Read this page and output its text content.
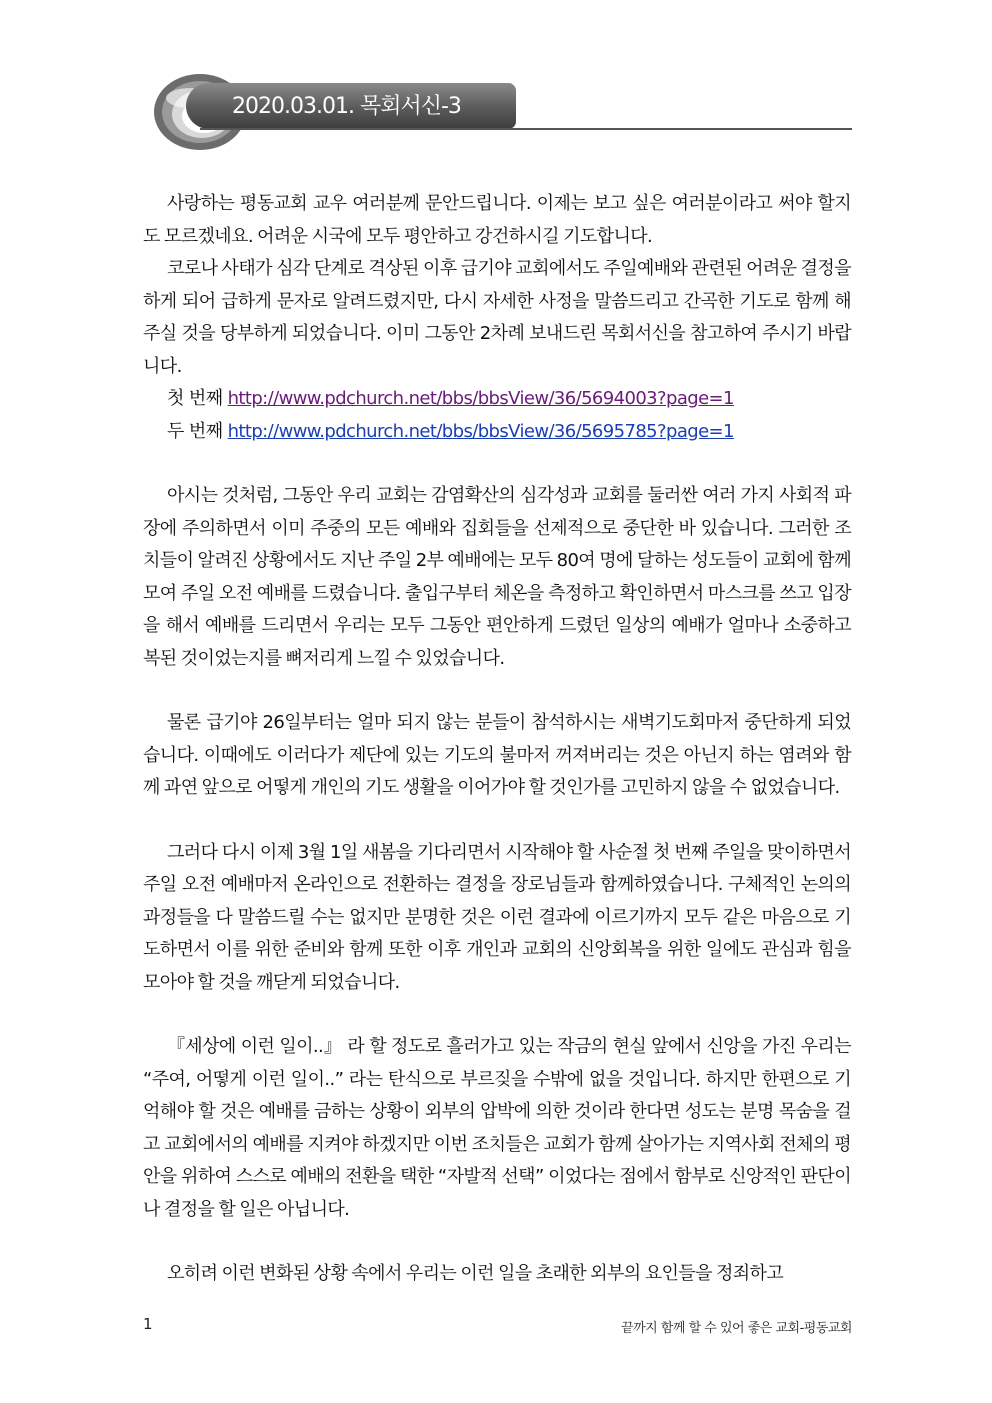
2020.03.01. 목회서신-3

사랑하는 평동교회 교우 여러분께 문안드립니다. 이제는 보고 싶은 여러분이라고 써야 할지도 모르겠네요. 어려운 시국에 모두 평안하고 강건하시길 기도합니다.

코로나 사태가 심각 단계로 격상된 이후 급기야 교회에서도 주일예배와 관련된 어려운 결정을 하게 되어 급하게 문자로 알려드렸지만, 다시 자세한 사정을 말씀드리고 간곡한 기도로 함께 해주실 것을 당부하게 되었습니다. 이미 그동안 2차례 보내드린 목회서신을 참고하여 주시기 바랍니다.

첫 번째 http://www.pdchurch.net/bbs/bbsView/36/5694003?page=1

두 번째 http://www.pdchurch.net/bbs/bbsView/36/5695785?page=1

아시는 것처럼, 그동안 우리 교회는 감염확산의 심각성과 교회를 둘러싼 여러 가지 사회적 파장에 주의하면서 이미 주중의 모든 예배와 집회들을 선제적으로 중단한 바 있습니다. 그러한 조치들이 알려진 상황에서도 지난 주일 2부 예배에는 모두 80여 명에 달하는 성도들이 교회에 함께 모여 주일 오전 예배를 드렸습니다. 출입구부터 체온을 측정하고 확인하면서 마스크를 쓰고 입장을 해서 예배를 드리면서 우리는 모두 그동안 편안하게 드렸던 일상의 예배가 얼마나 소중하고 복된 것이었는지를 뼈저리게 느낄 수 있었습니다.

물론 급기야 26일부터는 얼마 되지 않는 분들이 참석하시는 새벽기도회마저 중단하게 되었습니다. 이때에도 이러다가 제단에 있는 기도의 불마저 꺼져버리는 것은 아닌지 하는 염려와 함께 과연 앞으로 어떻게 개인의 기도 생활을 이어가야 할 것인가를 고민하지 않을 수 없었습니다.

그러다 다시 이제 3월 1일 새봄을 기다리면서 시작해야 할 사순절 첫 번째 주일을 맞이하면서 주일 오전 예배마저 온라인으로 전환하는 결정을 장로님들과 함께하였습니다. 구체적인 논의의 과정들을 다 말씀드릴 수는 없지만 분명한 것은 이런 결과에 이르기까지 모두 같은 마음으로 기도하면서 이를 위한 준비와 함께 또한 이후 개인과 교회의 신앙회복을 위한 일에도 관심과 힘을 모아야 할 것을 깨닫게 되었습니다.

『세상에 이런 일이..』 라 할 정도로 흘러가고 있는 작금의 현실 앞에서 신앙을 가진 우리는 “주여, 어떻게 이런 일이..” 라는 탄식으로 부르짖을 수밖에 없을 것입니다. 하지만 한편으로 기억해야 할 것은 예배를 금하는 상황이 외부의 압박에 의한 것이라 한다면 성도는 분명 목숨을 걸고 교회에서의 예배를 지켜야 하겠지만 이번 조치들은 교회가 함께 살아가는 지역사회 전체의 평안을 위하여 스스로 예배의 전환을 택한 “자발적 선택” 이었다는 점에서 함부로 신앙적인 판단이나 결정을 할 일은 아닙니다.

오히려 이런 변화된 상황 속에서 우리는 이런 일을 초래한 외부의 요인들을 정죄하고

1	끝까지 함께 할 수 있어 좋은 교회-평동교회
